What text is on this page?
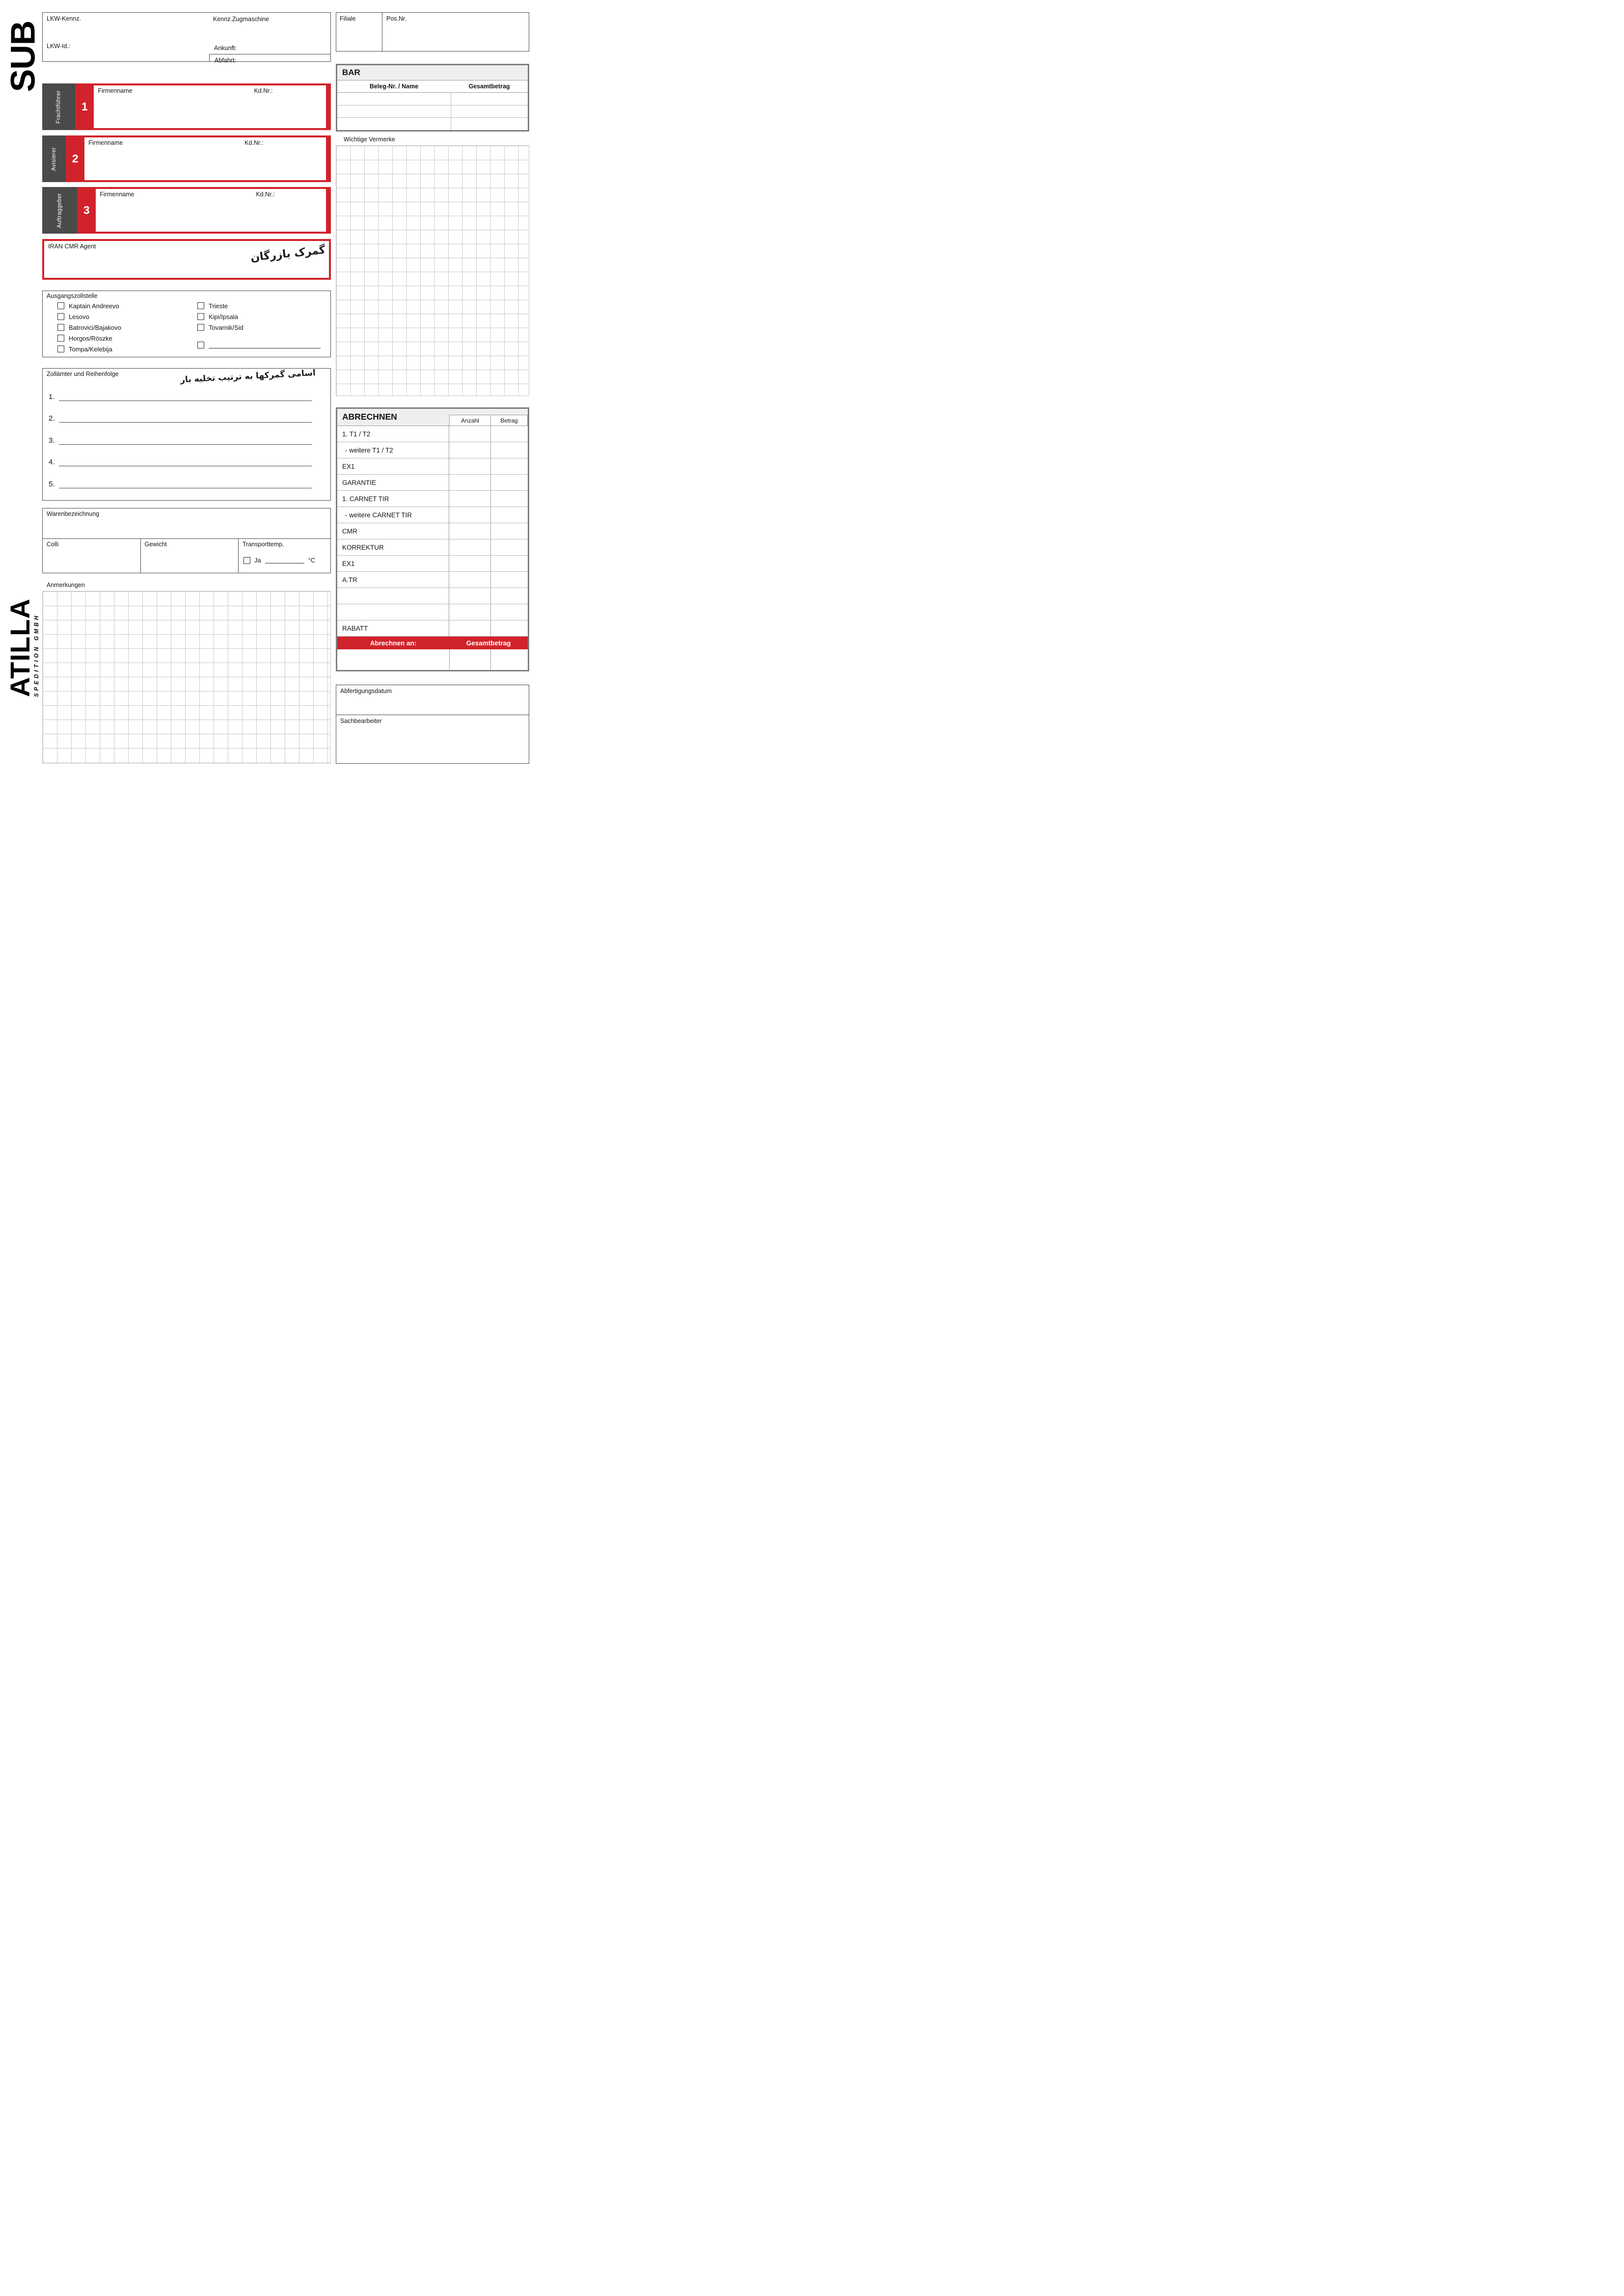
SUB
ATILLA
SPEDITION GMBH
LKW-Kennz.	Kennz.Zugmaschine
LKW-Id.:	Ankunft:
Abfahrt:
Filiale	Pos.Nr.
BAR
Beleg-Nr. / Name	Gesamtbetrag
Wichtige Vermerke
Frachtführer 1
Firmenname	Kd.Nr.:
Avisierer 2
Firmenname	Kd.Nr.:
Auftraggeber 3
Firmenname	Kd.Nr.:
IRAN CMR Agent	گمرک بازرگان
Ausgangszollstelle
Kaptain Andreevo
Lesovo
Batrovici/Bajakovo
Horgos/Röszke
Tompa/Kelebija
Trieste
Kipi/Ipsala
Tovarnik/Sid
Zollämter und Reihenfolge	اسامی گمرکها به ترتیب تخلیه بار
1.
2.
3.
4.
5.
Warenbezeichnung
Colli	Gewicht	Transporttemp.
Ja	°C
Anmerkungen
ABRECHNEN	Anzahl	Betrag
1. T1 / T2
- weitere T1 / T2
EX1
GARANTIE
1. CARNET TIR
- weitere CARNET TIR
CMR
KORREKTUR
EX1
A.TR
RABATT
Abrechnen an:	Gesamtbetrag
Abfertigungsdatum
Sachbearbeiter
